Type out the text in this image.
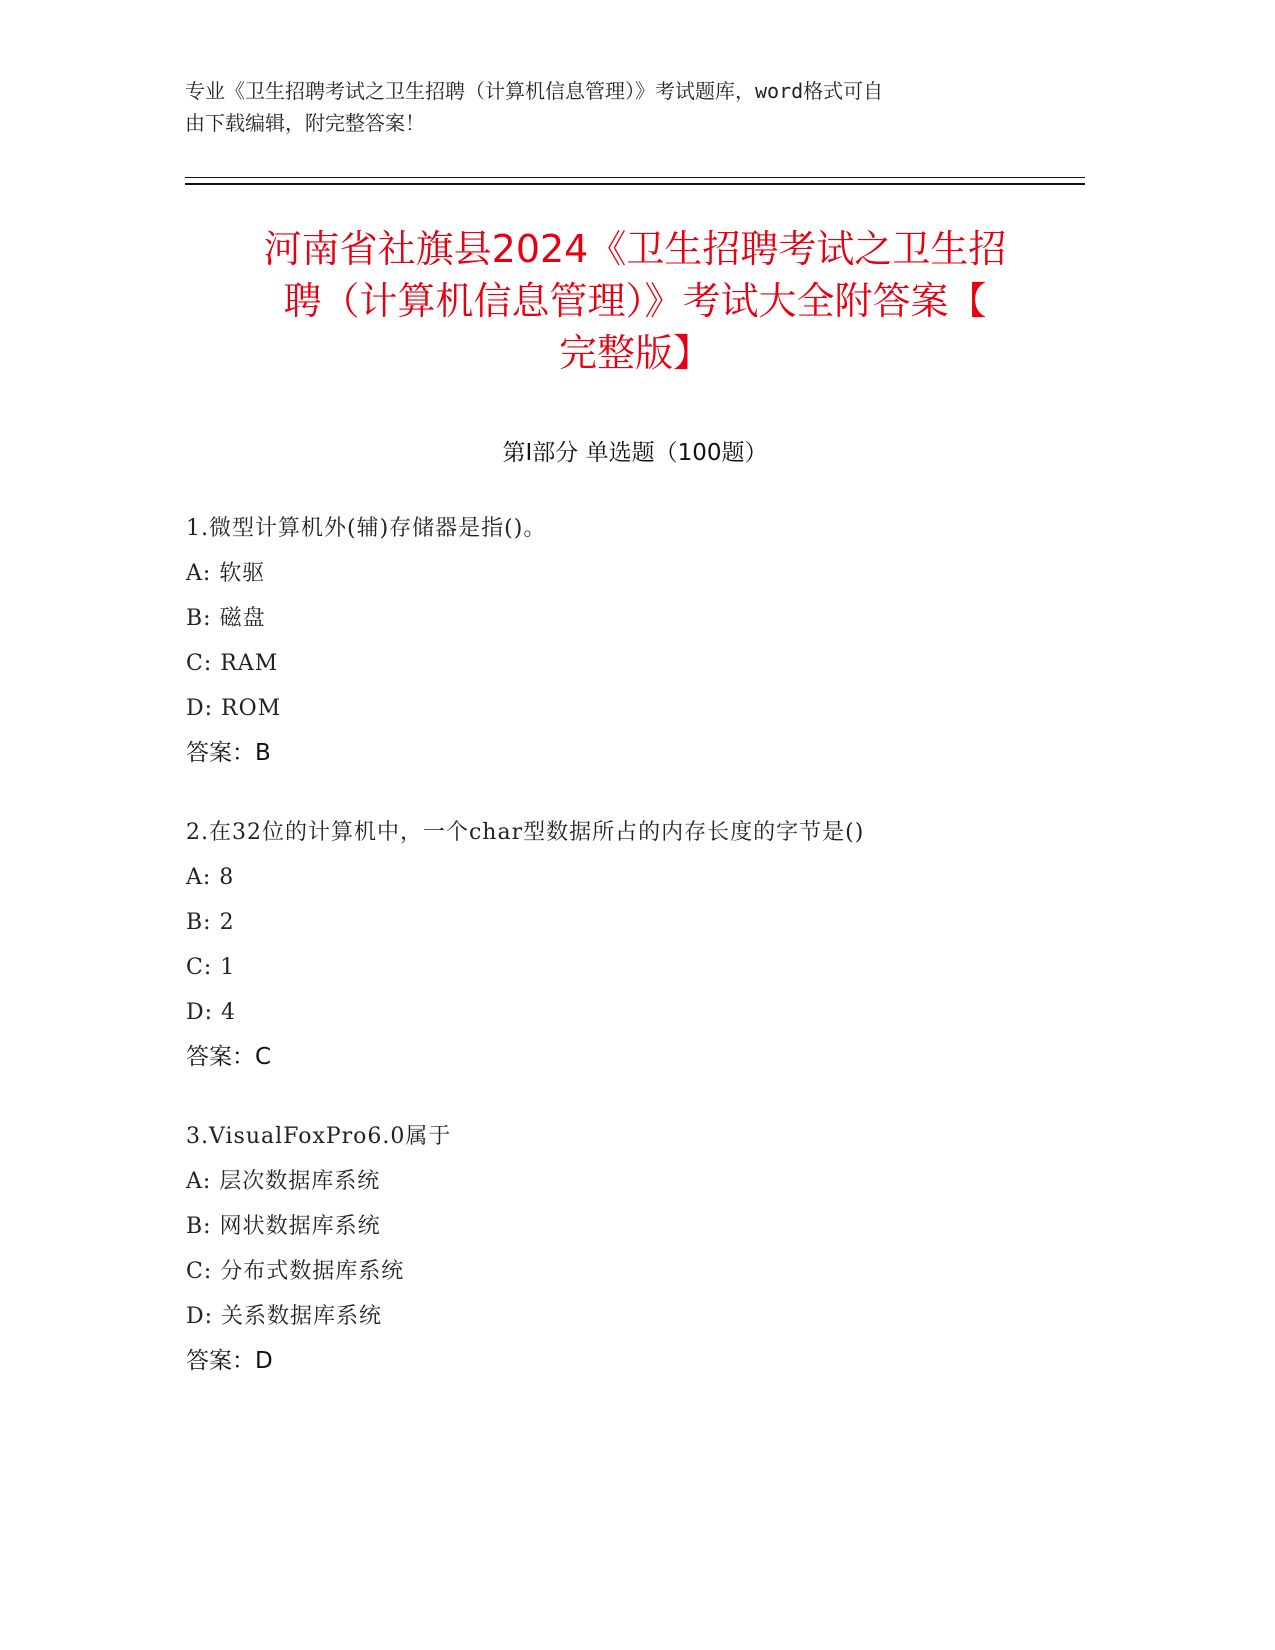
专业《卫生招聘考试之卫生招聘（计算机信息管理）》考试题库，word格式可自
由下载编辑，附完整答案！
河南省社旗县2024《卫生招聘考试之卫生招
聘（计算机信息管理）》考试大全附答案【
完整版】
第I部分 单选题（100题）
1.微型计算机外(辅)存储器是指()。
A: 软驱
B: 磁盘
C: RAM
D: ROM
答案：B
2.在32位的计算机中，一个char型数据所占的内存长度的字节是()
A: 8
B: 2
C: 1
D: 4
答案：C
3.VisualFoxPro6.0属于
A: 层次数据库系统
B: 网状数据库系统
C: 分布式数据库系统
D: 关系数据库系统
答案：D
